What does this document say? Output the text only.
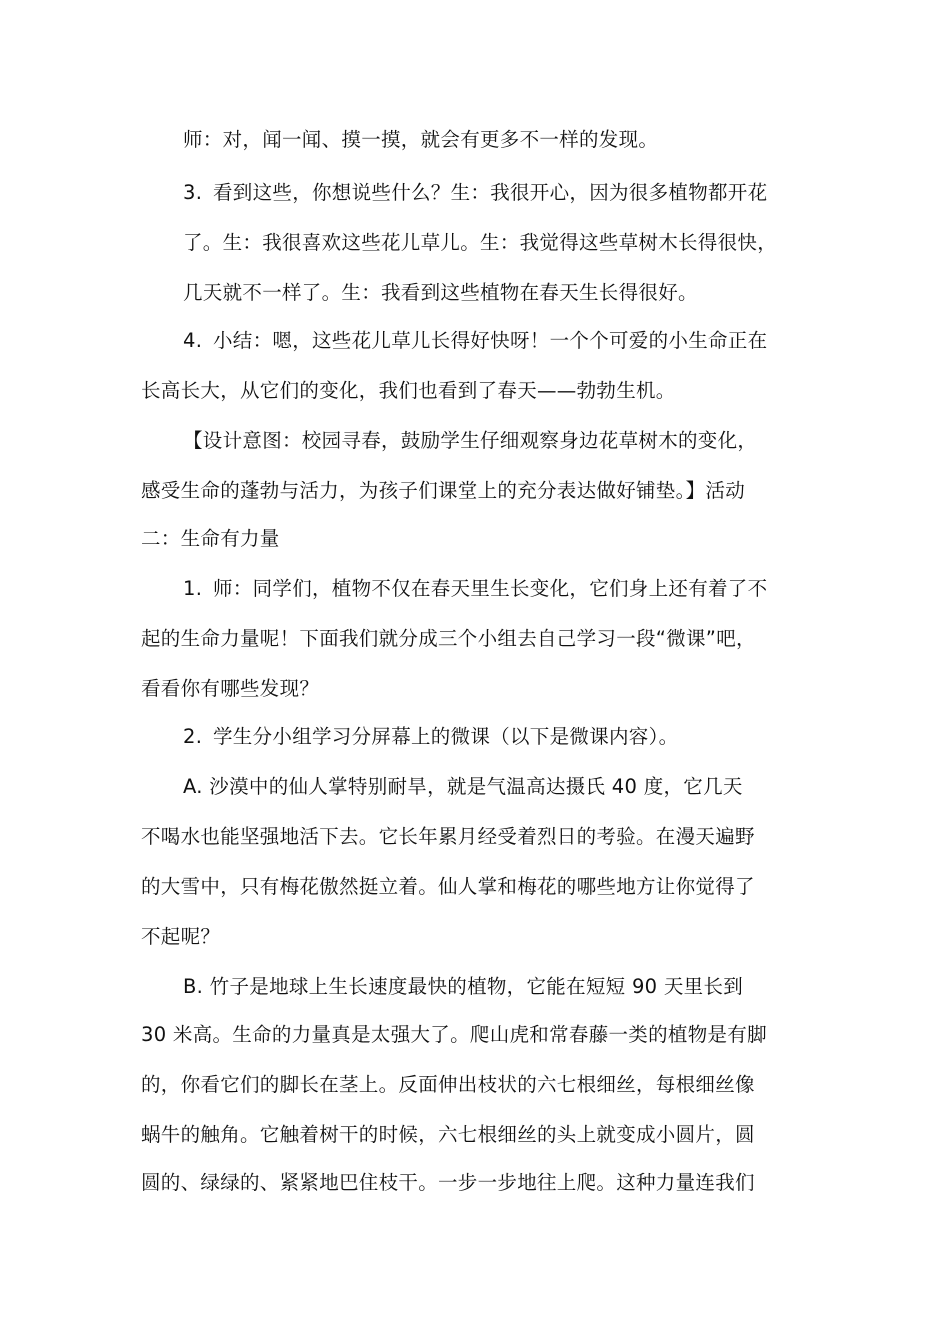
师：对，闻一闻、摸一摸，就会有更多不一样的发现。

3. 看到这些，你想说些什么？生：我很开心，因为很多植物都开花

了。生：我很喜欢这些花儿草儿。生：我觉得这些草树木长得很快，

几天就不一样了。生：我看到这些植物在春天生长得很好。

4. 小结：嗯，这些花儿草儿长得好快呀！一个个可爱的小生命正在

长高长大，从它们的变化，我们也看到了春天——勃勃生机。

【设计意图：校园寻春，鼓励学生仔细观察身边花草树木的变化，

感受生命的蓬勃与活力，为孩子们课堂上的充分表达做好铺垫。】活动

二：生命有力量

1. 师：同学们，植物不仅在春天里生长变化，它们身上还有着了不

起的生命力量呢！下面我们就分成三个小组去自己学习一段“微课”吧，

看看你有哪些发现？

2. 学生分小组学习分屏幕上的微课（以下是微课内容）。

A. 沙漠中的仙人掌特别耐旱，就是气温高达摄氏 40 度，它几天

不喝水也能坚强地活下去。它长年累月经受着烈日的考验。在漫天遍野

的大雪中，只有梅花傲然挺立着。仙人掌和梅花的哪些地方让你觉得了

不起呢？

B. 竹子是地球上生长速度最快的植物，它能在短短 90 天里长到

30 米高。生命的力量真是太强大了。爬山虎和常春藤一类的植物是有脚

的，你看它们的脚长在茎上。反面伸出枝状的六七根细丝，每根细丝像

蜗牛的触角。它触着树干的时候，六七根细丝的头上就变成小圆片，圆

圆的、绿绿的、紧紧地巴住枝干。一步一步地往上爬。这种力量连我们
